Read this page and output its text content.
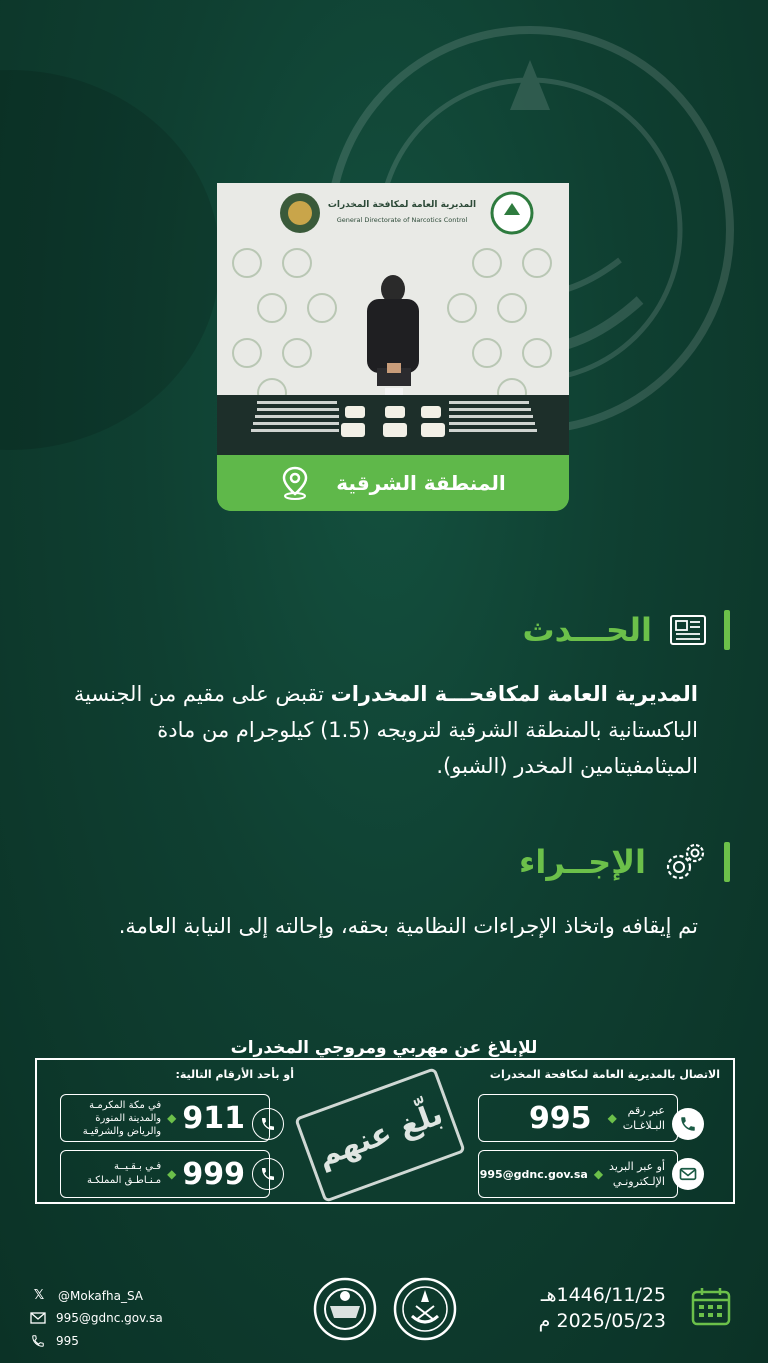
المديرية العامة لمكافحة المخدرات
General Directorate of Narcotics Control
المنطقة الشرقية
الحـــدث
المديرية العامة لمكافحـــة المخدرات تقبض على مقيم من الجنسية الباكستانية بالمنطقة الشرقية لترويجه (1.5) كيلوجرام من مادة الميثامفيتامين المخدر (الشبو).
الإجــراء
تم إيقافه واتخاذ الإجراءات النظامية بحقه، وإحالته إلى النيابة العامة.
للإبلاغ عن مهربي ومروجي المخدرات
الاتصال بالمديرية العامة لمكافحة المخدرات
أو بأحد الأرقام التالية:
عبر رقم
البـلاغـات
◆
995
أو عبر البريد
الإلـكترونـي
◆
995@gdnc.gov.sa
بلّغ عنهم
911
◆
في مكة المكرمـة
والمدينة المنورة
والرياض والشرقيـة
999
◆
فـي بـقـيــة
مـنـاطـق المملكـة
𝕏	@Mokafha_SA
995@gdnc.gov.sa
995
1446/11/25هـ
2025/05/23 م
